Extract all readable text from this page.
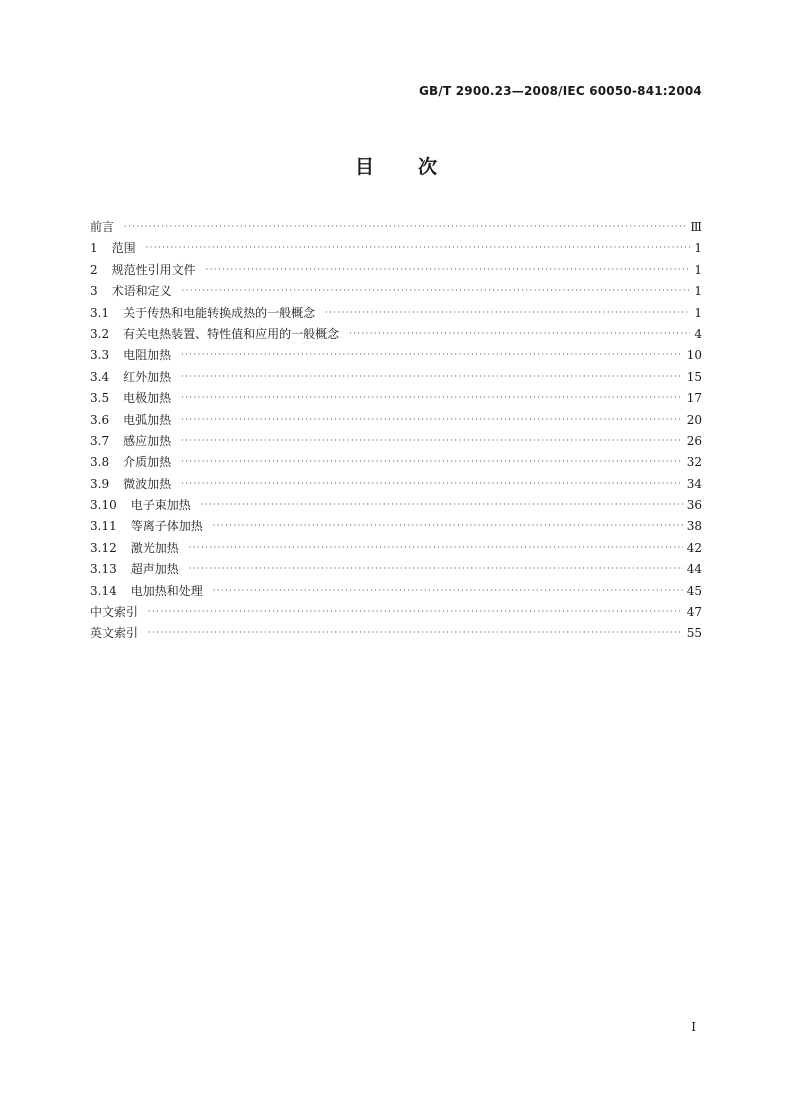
GB/T 2900.23—2008/IEC 60050-841:2004
目 次
前言 ·····	Ⅲ
1 范围 ·····	1
2 规范性引用文件 ·····	1
3 术语和定义 ·····	1
3.1 关于传热和电能转换成热的一般概念 ·····	1
3.2 有关电热装置、特性值和应用的一般概念 ·····	4
3.3 电阻加热 ·····	10
3.4 红外加热 ·····	15
3.5 电极加热 ·····	17
3.6 电弧加热 ·····	20
3.7 感应加热 ·····	26
3.8 介质加热 ·····	32
3.9 微波加热 ·····	34
3.10 电子束加热 ·····	36
3.11 等离子体加热 ·····	38
3.12 激光加热 ·····	42
3.13 超声加热 ·····	44
3.14 电加热和处理 ·····	45
中文索引 ·····	47
英文索引 ·····	55
I
